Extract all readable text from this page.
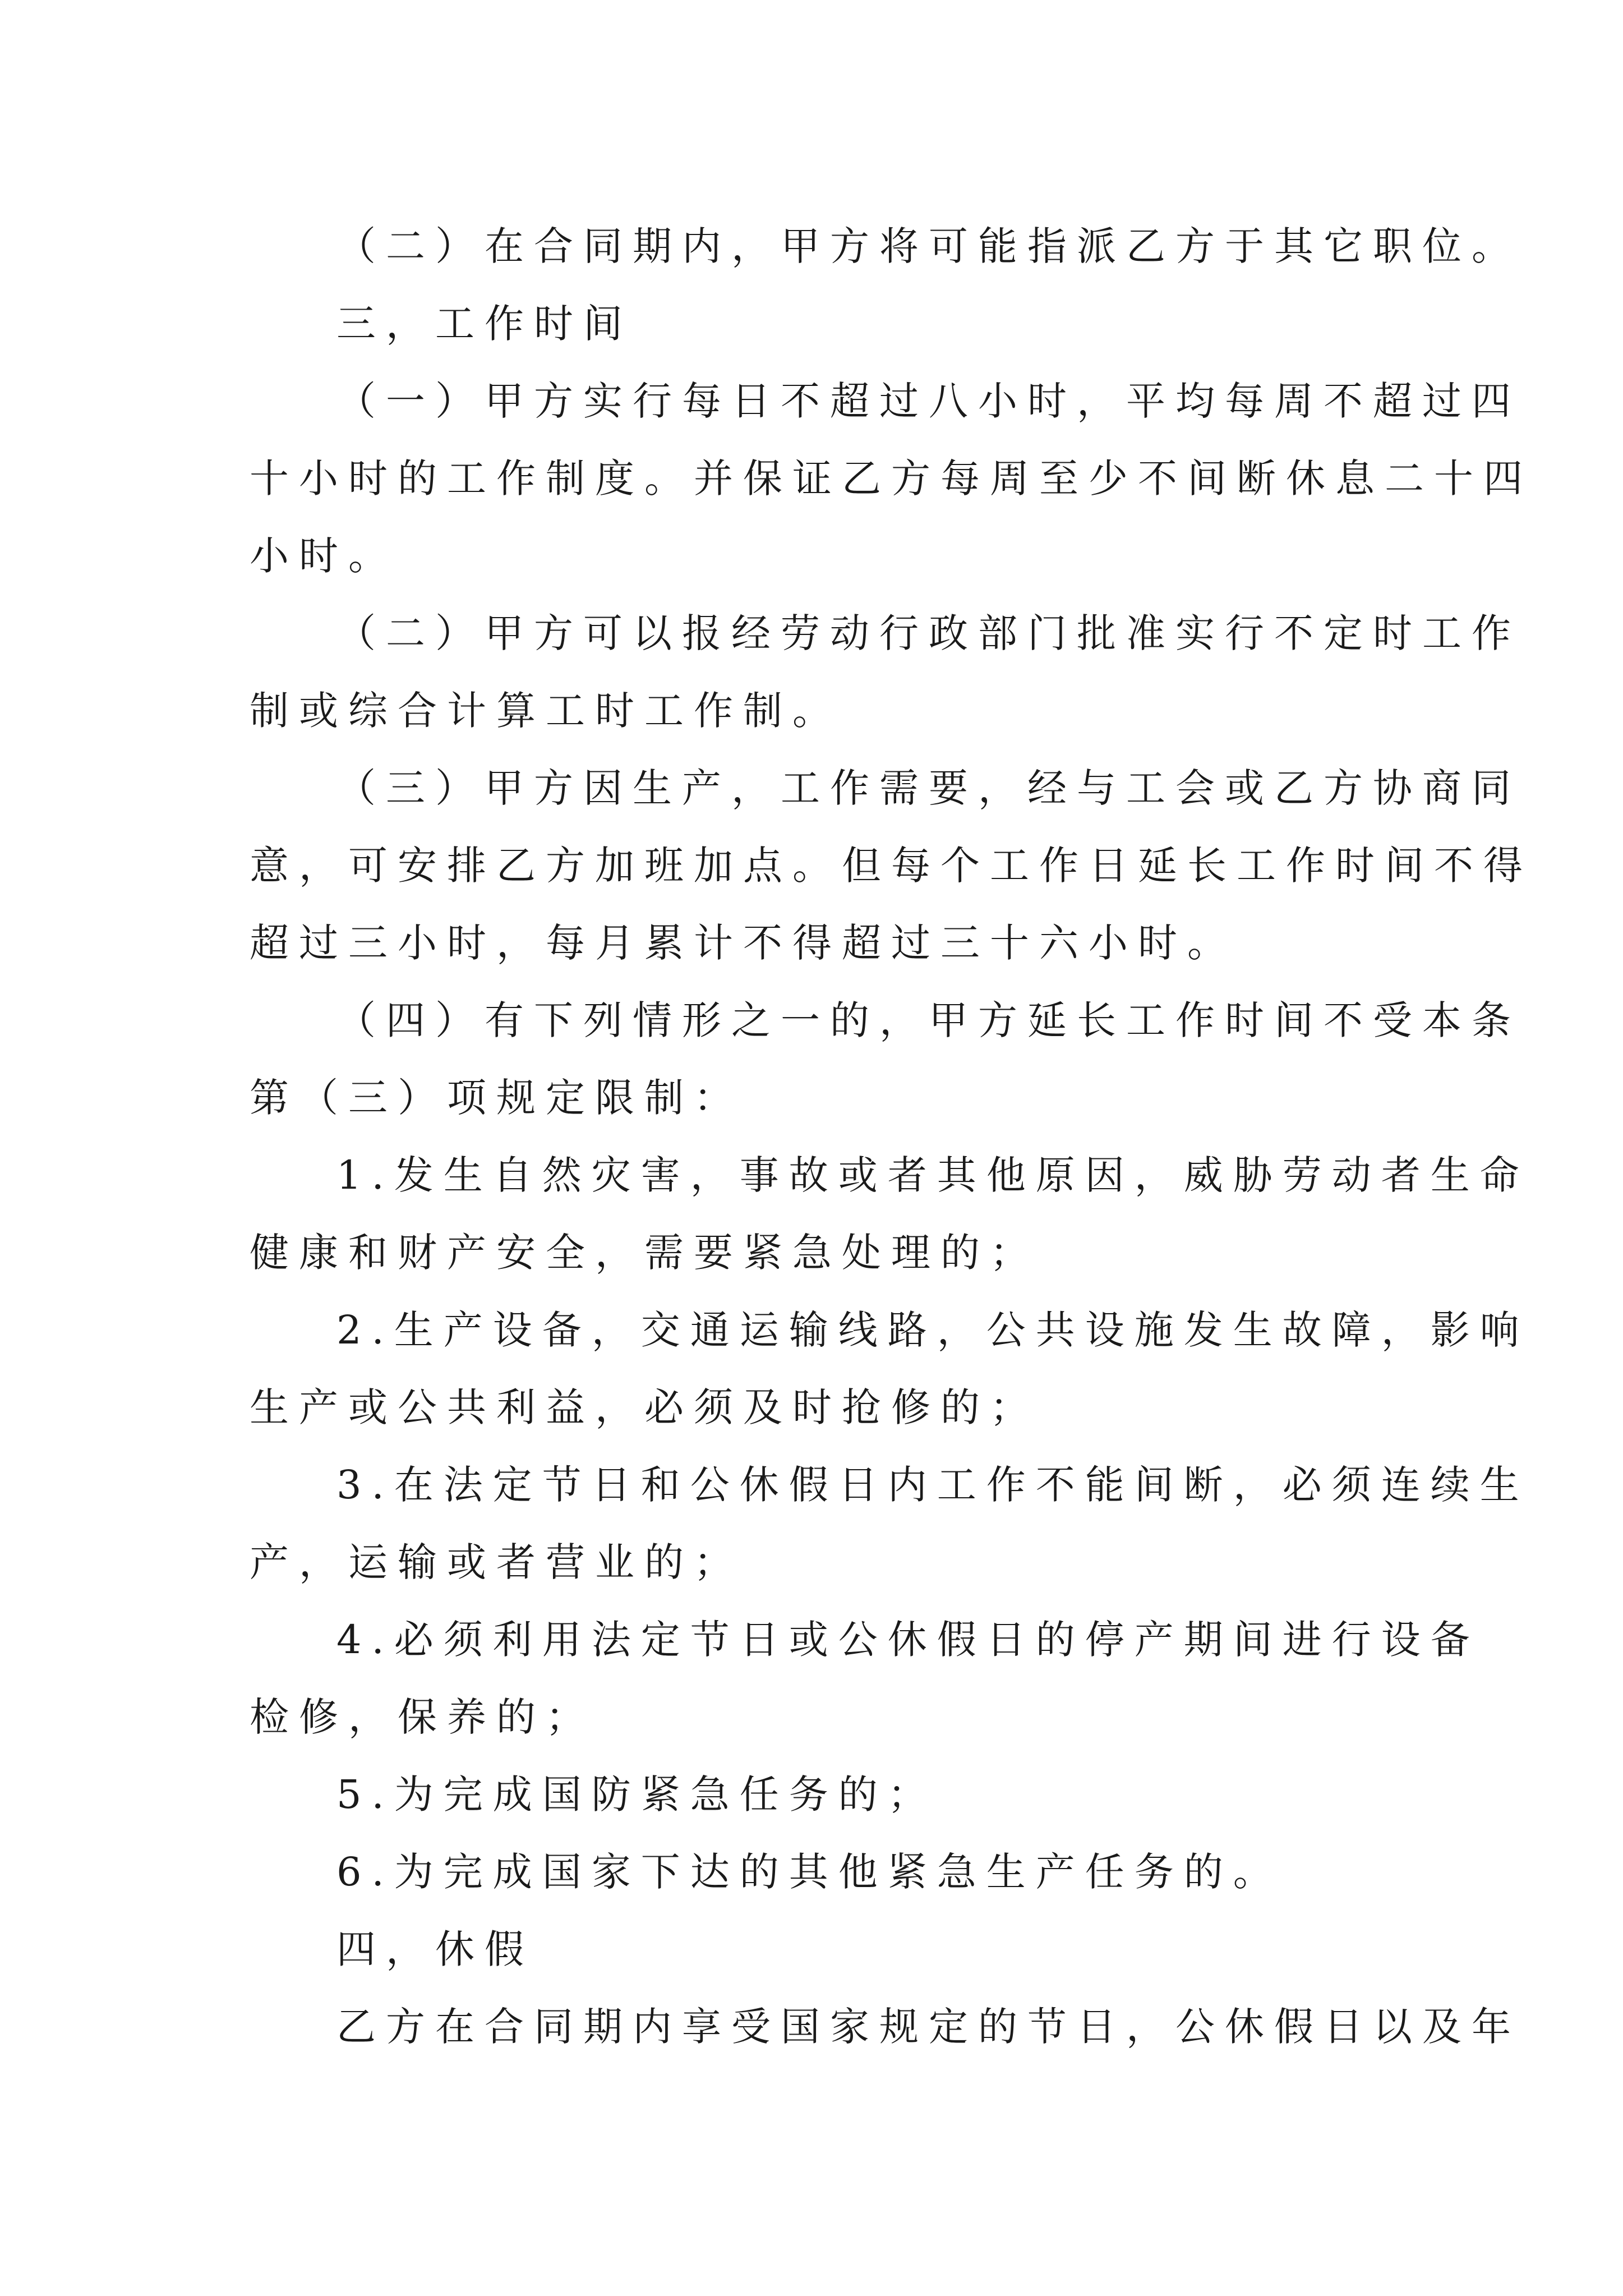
（二）在合同期内，甲方将可能指派乙方于其它职位。

三，工作时间

（一）甲方实行每日不超过八小时，平均每周不超过四

十小时的工作制度。并保证乙方每周至少不间断休息二十四

小时。

（二）甲方可以报经劳动行政部门批准实行不定时工作

制或综合计算工时工作制。

（三）甲方因生产，工作需要，经与工会或乙方协商同

意，可安排乙方加班加点。但每个工作日延长工作时间不得

超过三小时，每月累计不得超过三十六小时。

（四）有下列情形之一的，甲方延长工作时间不受本条

第（三）项规定限制：

1.发生自然灾害，事故或者其他原因，威胁劳动者生命

健康和财产安全，需要紧急处理的；

2.生产设备，交通运输线路，公共设施发生故障，影响

生产或公共利益，必须及时抢修的；

3.在法定节日和公休假日内工作不能间断，必须连续生

产，运输或者营业的；

4.必须利用法定节日或公休假日的停产期间进行设备

检修，保养的；

5.为完成国防紧急任务的；

6.为完成国家下达的其他紧急生产任务的。

四，休假

乙方在合同期内享受国家规定的节日，公休假日以及年
